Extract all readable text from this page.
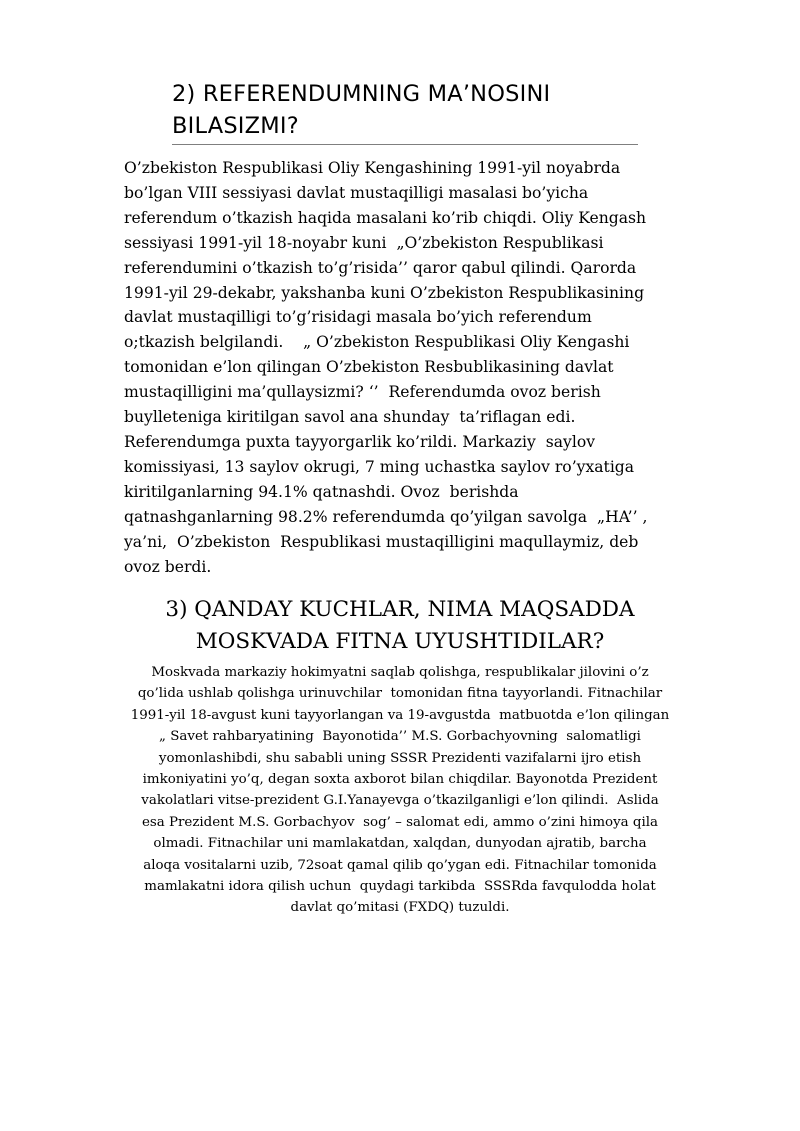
2) REFERENDUMNING MA’NOSINI
BILASIZMI?

O’zbekiston Respublikasi Oliy Kengashining 1991-yil noyabrda
bo’lgan VIII sessiyasi davlat mustaqilligi masalasi bo’yicha
referendum o’tkazish haqida masalani ko’rib chiqdi. Oliy Kengash
sessiyasi 1991-yil 18-noyabr kuni  „O’zbekiston Respublikasi
referendumini o’tkazish to’g’risida’’ qaror qabul qilindi. Qarorda
1991-yil 29-dekabr, yakshanba kuni O’zbekiston Respublikasining
davlat mustaqilligi to’g’risidagi masala bo’yich referendum
o;tkazish belgilandi.    „ O’zbekiston Respublikasi Oliy Kengashi
tomonidan e’lon qilingan O’zbekiston Resbublikasining davlat
mustaqilligini ma’qullaysizmi? ‘’  Referendumda ovoz berish
buylleteniga kiritilgan savol ana shunday  ta’riflagan edi.
Referendumga puxta tayyorgarlik ko’rildi. Markaziy  saylov
komissiyasi, 13 saylov okrugi, 7 ming uchastka saylov ro’yxatiga
kiritilganlarning 94.1% qatnashdi. Ovoz  berishda
qatnashganlarning 98.2% referendumda qo’yilgan savolga  „HA’’ ,
ya’ni,  O’zbekiston  Respublikasi mustaqilligini maqullaymiz, deb
ovoz berdi.

3) QANDAY KUCHLAR, NIMA MAQSADDA
MOSKVADA FITNA UYUSHTIDILAR?

Moskvada markaziy hokimyatni saqlab qolishga, respublikalar jilovini o’z
qo’lida ushlab qolishga urinuvchilar  tomonidan fitna tayyorlandi. Fitnachilar
1991-yil 18-avgust kuni tayyorlangan va 19-avgustda  matbuotda e’lon qilingan
„ Savet rahbaryatining  Bayonotida’’ M.S. Gorbachyovning  salomatligi
yomonlashibdi, shu sababli uning SSSR Prezidenti vazifalarni ijro etish
imkoniyatini yo’q, degan soxta axborot bilan chiqdilar. Bayonotda Prezident
vakolatlari vitse-prezident G.I.Yanayevga o’tkazilganligi e’lon qilindi.  Aslida
esa Prezident M.S. Gorbachyov  sog’ – salomat edi, ammo o’zini himoya qila
olmadi. Fitnachilar uni mamlakatdan, xalqdan, dunyodan ajratib, barcha
aloqa vositalarni uzib, 72soat qamal qilib qo’ygan edi. Fitnachilar tomonida
mamlakatni idora qilish uchun  quydagi tarkibda  SSSRda favqulodda holat
davlat qo’mitasi (FXDQ) tuzuldi.
